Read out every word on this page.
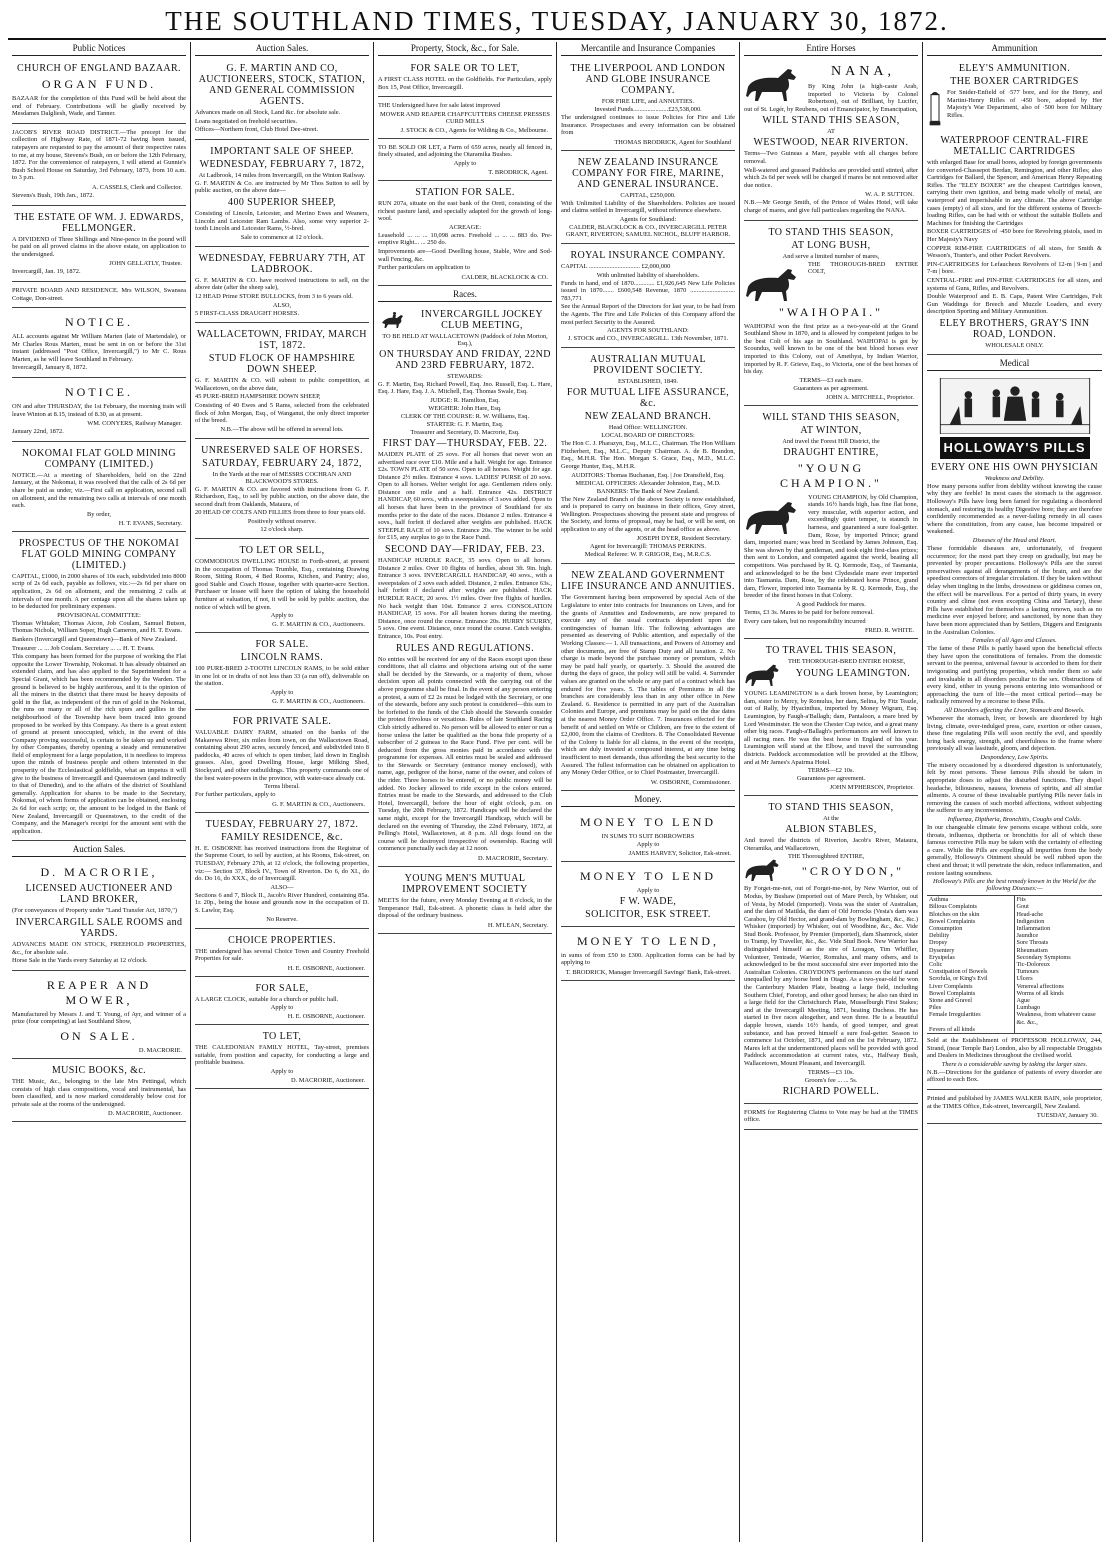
THE SOUTHLAND TIMES, TUESDAY, JANUARY 30, 1872.
Public Notices
CHURCH OF ENGLAND BAZAAR.
ORGAN FUND.
BAZAAR for the completion of this Fund will be held about the end of February. Contributions will be gladly received by Mesdames Dalgliesh, Wade, and Tanner.
JACOB'S RIVER ROAD DISTRICT.—The precept for the collection of Highway Rate, of 1871-72 having been issued, ratepayers are requested to pay the amount of their respective rates to me, at my house, Stevens's Bush, on or before the 12th February, 1872. For the convenience of ratepayers, I will attend at Gunnie's Bush School House on Saturday, 3rd February, 1873, from 10 a.m. to 3 p.m.
A. CASSELS, Clerk and Collector.
Stevens's Bush, 19th Jan., 1872.
THE ESTATE OF WM. J. EDWARDS, FELLMONGER.
A DIVIDEND of Three Shillings and Nine-pence in the pound will be paid on all proved claims in the above estate, on application to the undersigned.
JOHN GELLATLY, Trustee.
Invercargill, Jan. 19, 1872.
PRIVATE BOARD AND RESIDENCE. Mrs WILSON, Swansea Cottage, Don-street.
NOTICE.
ALL accounts against Mr William Marten (late of Martendale), or Mr Charles Rous Marten, must be sent in on or before the 31st instant (addressed "Post Office, Invercargill,") to Mr C. Rous Marten, as he will leave Southland in February.
Invercargill, January 8, 1872.
NOTICE.
ON and after THURSDAY, the 1st February, the morning train will leave Winton at 8.15, instead of 8.30, as at present.
WM. CONYERS, Railway Manager.
January 22nd, 1872.
NOKOMAI FLAT GOLD MINING COMPANY (LIMITED.)
NOTICE.—At a meeting of Shareholders, held on the 22nd January, at the Nokomai, it was resolved that the calls of 2s 6d per share be paid as under, viz.—First call on application, second call on allotment, and the remaining two calls at intervals of one month each.
By order,
H. T. EVANS, Secretary.
PROSPECTUS OF THE NOKOMAI FLAT GOLD MINING COMPANY (LIMITED.)
CAPITAL, £1000, in 2000 shares of 10s each, subdivided into 8000 scrip of 2s 6d each, payable as follows, viz.:—2s 6d per share on application, 2s 6d on allotment, and the remaining 2 calls at intervals of one month. A per centage upon all the shares taken up to be deducted for preliminary expenses.
PROVISIONAL COMMITTEE:
Thomas Whitaker, Thomas Aicon, Job Coulam, Samuel Butson, Thomas Nichols, William Soper, Hugh Cameron, and H. T. Evans.
Bankers (Invercargill and Queenstown)—Bank of New Zealand.
Treasurer ... ... Job Coulam. Secretary ... ... H. T. Evans.
This company has been formed for the purpose of working the Flat opposite the Lower Township, Nokomai. It has already obtained an extended claim, and has also applied to the Superintendent for a Special Grant, which has been recommended by the Warden. The ground is believed to be highly auriferous, and it is the opinion of all the miners in the district that there must be heavy deposits of gold in the flat, as independent of the run of gold in the Nokomai, the runs on many or all of the rich spurs and gullies in the neighbourhood of the Township have been traced into ground proposed to be worked by this Company. As there is a great extent of ground at present unoccupied, which, in the event of this Company proving successful, is certain to be taken up and worked by other Companies, thereby opening a steady and remunerative field of employment for a large population, it is needless to impress upon the minds of business people and others interested in the prosperity of the Ecclesiastical goldfields, what an impetus it will give to the business of Invercargill and Queenstown (and indirectly to that of Dunedin), and to the affairs of the district of Southland generally. Application for shares to be made to the Secretary, Nokomai, of whom forms of application can be obtained, enclosing 2s 6d for each scrip; or, the amount to be lodged in the Bank of New Zealand, Invercargill or Queenstown, to the credit of the Company, and the Manager's receipt for the amount sent with the application.
Auction Sales.
D. MACRORIE,
LICENSED AUCTIONEER AND LAND BROKER,
(For conveyances of Property under "Land Transfer Act, 1870,")
INVERCARGILL SALE ROOMS and YARDS.
ADVANCES MADE ON STOCK, FREEHOLD PROPERTIES, &c., for absolute sale.
Horse Sale in the Yards every Saturday at 12 o'clock.
REAPER AND MOWER,
Manufactured by Messrs J. and T. Young, of Ayr, and winner of a prize (four competing) at last Southland Show,
ON SALE.
D. MACRORIE.
MUSIC BOOKS, &c.
THE Music, &c., belonging to the late Mrs Pettingal, which consists of high class compositions, vocal and instrumental, has been classified, and is now marked considerably below cost for private sale at the rooms of the undersigned.
D. MACRORIE, Auctioneer.
Auction Sales.
G. F. MARTIN AND CO, AUCTIONEERS, STOCK, STATION, AND GENERAL COMMISSION AGENTS.
Advances made on all Stock, Land &c. for absolute sale.
Loans negotiated on freehold securities.
Offices—Northern front, Club Hotel Dee-street.
IMPORTANT SALE OF SHEEP.
WEDNESDAY, FEBRUARY 7, 1872,
At Ladbrook, 14 miles from Invercargill, on the Winton Railway.
G. F. MARTIN & Co. are instructed by Mr Thos Sutton to sell by public auction, on the above date—
400 SUPERIOR SHEEP,
Consisting of Lincoln, Leicester, and Merino Ewes and Weaners, Lincoln and Leicester Ram Lambs. Also, some very superior 2-tooth Lincoln and Leicester Rams, ½-bred.
Sale to commence at 12 o'clock.
WEDNESDAY, FEBRUARY 7TH, AT LADBROOK.
G. F. MARTIN & CO. have received instructions to sell, on the above date (after the sheep sale),
12 HEAD Prime STORE BULLOCKS, from 3 to 6 years old.
ALSO,
5 FIRST-CLASS DRAUGHT HORSES.
WALLACETOWN, FRIDAY, MARCH 1ST, 1872.
STUD FLOCK OF HAMPSHIRE DOWN SHEEP.
G. F. MARTIN & CO. will submit to public competition, at Wallacetown, on the above date,
45 PURE-BRED HAMPSHIRE DOWN SHEEP,
Consisting of 40 Ewes and 5 Rams, selected from the celebrated flock of John Morgan, Esq., of Wanganui, the only direct importer of the breed.
N.B.—The above will be offered in several lots.
UNRESERVED SALE OF HORSES.
SATURDAY, FEBRUARY 24, 1872,
In the Yards at the rear of MESSRS COCHRAN AND BLACKWOOD'S STORES.
G. F. MARTIN & CO. are favored with instructions from G. F. Richardson, Esq., to sell by public auction, on the above date, the second draft from Oaklands, Mataura, of
20 HEAD OF COLTS AND FILLIES from three to four years old.
Positively without reserve.
12 o'clock sharp.
TO LET OR SELL,
COMMODIOUS DWELLING HOUSE in Forth-street, at present in the occupation of Thomas Trumble, Esq., containing Drawing Room, Sitting Room, 4 Bed Rooms, Kitchen, and Pantry; also, good Stable and Coach House, together with quarter-acre Section. Purchaser or lessee will have the option of taking the household furniture at valuation, if not, it will be sold by public auction, due notice of which will be given.
Apply to
G. F. MARTIN & CO., Auctioneers.
FOR SALE.
LINCOLN RAMS.
100 PURE-BRED 2-TOOTH LINCOLN RAMS, to be sold either in one lot or in drafts of not less than 33 (a run off), deliverable on the station.
Apply to
G. F. MARTIN & CO., Auctioneers.
FOR PRIVATE SALE.
VALUABLE DAIRY FARM, situated on the banks of the Makarewa River, six miles from town, on the Wallacetown Road, containing about 290 acres, securely fenced, and subdivided into 8 paddocks, 40 acres of which is open timber, laid down in English grasses. Also, good Dwelling House, large Milking Shed, Stockyard, and other outbuildings. This property commands one of the best water-powers in the province, with water-race already cut.
Terms liberal.
For further particulars, apply to
G. F. MARTIN & CO., Auctioneers.
TUESDAY, FEBRUARY 27, 1872.
FAMILY RESIDENCE, &c.
H. E. OSBORNE has received instructions from the Registrar of the Supreme Court, to sell by auction, at his Rooms, Esk-street, on TUESDAY, February 27th, at 12 o'clock, the following properties, viz:— Section 37, Block IV., Town of Riverton. Do 6, do XI., do do. Do 16, do XXX., do of Invercargill.
ALSO—
Sections 6 and 7, Block II., Jacob's River Hundred, containing 85a. 1r. 20p., being the house and grounds now in the occupation of D. S. Lawlor, Esq.
No Reserve.
CHOICE PROPERTIES.
THE undersigned has several Choice Town and Country Freehold Properties for sale.
H. E. OSBORNE, Auctioneer.
FOR SALE,
A LARGE CLOCK, suitable for a church or public hall.
Apply to
H. E. OSBORNE, Auctioneer.
TO LET,
THE CALEDONIAN FAMILY HOTEL, Tay-street, premises suitable, from position and capacity, for conducting a large and profitable business.
Apply to
D. MACRORIE, Auctioneer.
Property, Stock, &c., for Sale.
FOR SALE OR TO LET,
A FIRST CLASS HOTEL on the Goldfields. For Particulars, apply Box 15, Post Office, Invercargill.
THE Undersigned have for sale latest improved
MOWER AND REAPER CHAFFCUTTERS CHEESE PRESSES CURD MILLS
J. STOCK & CO., Agents for Wilding & Co., Melbourne.
TO BE SOLD OR LET, a Farm of 659 acres, nearly all fenced in, finely situated, and adjoining the Otaramika Bushes.
Apply to
T. BRODRICK, Agent.
STATION FOR SALE.
RUN 207a, situate on the east bank of the Oreti, consisting of the richest pasture land, and specially adapted for the growth of long-wool.
ACREAGE:
Leasehold ... ... ... 10,098 acres. Freehold ... ... ... 883 do. Pre-emptive Right... ... 250 do.
Improvements are—Good Dwelling house, Stable, Wire and Sod-wall Fencing, &c.
Further particulars on application to
CALDER, BLACKLOCK & CO.
Races.
INVERCARGILL JOCKEY CLUB MEETING,
TO BE HELD AT WALLACETOWN (Paddock of John Morton, Esq.),
ON THURSDAY AND FRIDAY, 22ND AND 23RD FEBRUARY, 1872.
STEWARDS:
G. F. Martin, Esq. Richard Powell, Esq. Jno. Russell, Esq. L. Hare, Esq. J. Hare, Esq. J. A. Mitchell, Esq. Thomas Swale, Esq.
JUDGE: R. Hamilton, Esq.
WEIGHER: John Hare, Esq.
CLERK OF THE COURSE: R. W. Williams, Esq.
STARTER: G. F. Martin, Esq.
Treasurer and Secretary, D. Macrorie, Esq.
FIRST DAY—THURSDAY, FEB. 22.
MAIDEN PLATE of 25 sovs. For all horses that never won an advertised race over £10. Mile and a half. Weight for age. Entrance £2s. TOWN PLATE of 50 sovs. Open to all horses. Weight for age. Distance 2½ miles. Entrance 4 sovs. LADIES' PURSE of 20 sovs. Open to all horses. Welter weight for age. Gentlemen riders only. Distance one mile and a half. Entrance 42s. DISTRICT HANDICAP, 60 sovs., with a sweepstakes of 3 sovs added. Open to all horses that have been in the province of Southland for six months prior to the date of the races. Distance 2 miles. Entrance 4 sovs., half forfeit if declared after weights are published. HACK STEEPLE RACE of 10 sovs. Entrance 20s. The winner to be sold for £15, any surplus to go to the Race Fund.
SECOND DAY—FRIDAY, FEB. 23.
HANDICAP HURDLE RACE, 35 sovs. Open to all horses. Distance 2 miles. Over 10 flights of hurdles, about 3ft. 9in. high. Entrance 3 sovs. INVERCARGILL HANDICAP, 40 sovs., with a sweepstakes of 2 sovs each added. Distance, 2 miles. Entrance 63s., half forfeit if declared after weights are published. HACK HURDLE RACE, 20 sovs. 1½ miles. Over five flights of hurdles. No hack weight than 10st. Entrance 2 sovs. CONSOLATION HANDICAP, 15 sovs. For all beaten horses during the meeting. Distance, once round the course. Entrance 20s. HURRY SCURRY, 5 sovs. One event. Distance, once round the course. Catch weights. Entrance, 10s. Post entry.
RULES AND REGULATIONS.
No entries will be received for any of the Races except upon these conditions, that all claims and objections arising out of the same shall be decided by the Stewards, or a majority of them, whose decision upon all points connected with the carrying out of the above programme shall be final. In the event of any person entering a protest, a sum of £2 2s must be lodged with the Secretary, or one of the stewards, before any such protest is considered—this sum to be forfeited to the funds of the Club should the Stewards consider the protest frivolous or vexatious. Rules of late Southland Racing Club strictly adhered to. No person will be allowed to enter or run a horse unless the latter be qualified as the bona fide property of a subscriber of 2 guineas to the Race Fund. Five per cent. will be deducted from the gross monies paid in accordance with the programme for expenses. All entries must be sealed and addressed to the Stewards or Secretary (entrance money enclosed), with name, age, pedigree of the horse, name of the owner, and colors of the rider. Three horses to be entered, or no public money will be added. No Jockey allowed to ride except in the colors entered. Entries must be made to the Stewards, and addressed to the Club Hotel, Invercargill, before the hour of eight o'clock, p.m. on Tuesday, the 20th February, 1872. Handicaps will be declared the same night, except for the Invercargill Handicap, which will be declared on the evening of Thursday, the 22nd February, 1872, at Pelling's Hotel, Wallacetown, at 8 p.m. All dogs found on the course will be destroyed irrespective of ownership. Racing will commence punctually each day at 12 noon.
D. MACRORIE, Secretary.
YOUNG MEN'S MUTUAL IMPROVEMENT SOCIETY
MEETS for the future, every Monday Evening at 8 o'clock, in the Temperance Hall, Esk-street. A phonetic class is held after the disposal of the ordinary business.
H. M'LEAN, Secretary.
Mercantile and Insurance Companies
THE LIVERPOOL AND LONDON AND GLOBE INSURANCE COMPANY.
FOR FIRE LIFE, and ANNUITIES.
Invested Funds......................£23,538,000.
The undersigned continues to issue Policies for Fire and Life Insurance. Prospectuses and every information can be obtained from
THOMAS BRODRICK, Agent for Southland
NEW ZEALAND INSURANCE COMPANY FOR FIRE, MARINE, AND GENERAL INSURANCE.
CAPITAL, £250,000.
With Unlimited Liability of the Shareholders. Policies are issued and claims settled in Invercargill, without reference elsewhere.
Agents for Southland:
CALDER, BLACKLOCK & CO., INVERCARGILL PETER GRANT, RIVERTON; SAMUEL NICHOL, BLUFF HARBOR.
ROYAL INSURANCE COMPANY.
CAPITAL ................................ £2,000,000
With unlimited liability of shareholders.
Funds in hand, end of 1870............. £1,926,645 New Life Policies issued in 1870....... £600,548 Revenue, 1870 ............................ 783,771
See the Annual Report of the Directors for last year, to be had from the Agents. The Fire and Life Policies of this Company afford the most perfect Security to the Assured.
AGENTS FOR SOUTHLAND:
J. STOCK and CO., INVERCARGILL. 13th November, 1871.
AUSTRALIAN MUTUAL PROVIDENT SOCIETY.
ESTABLISHED, 1849.
FOR MUTUAL LIFE ASSURANCE, &c.
NEW ZEALAND BRANCH.
Head Office: WELLINGTON.
LOCAL BOARD OF DIRECTORS:
The Hon C. J. Pharazyn, Esq., M.L.C., Chairman. The Hon William Fitzherbert, Esq., M.L.C., Deputy Chairman. A. de B. Brandon, Esq., M.H.R. The Hon. Morgan S. Grace, Esq., M.D., M.L.C. George Hunter, Esq., M.H.R.
AUDITORS: Thomas Buchanan, Esq. | Joe Dransfield, Esq.
MEDICAL OFFICERS: Alexander Johnston, Esq., M.D.
BANKERS: The Bank of New Zealand.
The New Zealand Branch of the above Society is now established, and is prepared to carry on business in their offices, Grey street, Wellington. Prospectuses showing the present state and progress of the Society, and forms of proposal, may be had, or will be sent, on application to any of the agents, or at the head office as above.
JOSEPH DYER, Resident Secretary.
Agent for Invercargill: THOMAS PERKINS.
Medical Referee: W. P. GRIGOR, Esq., M.R.C.S.
NEW ZEALAND GOVERNMENT LIFE INSURANCE AND ANNUITIES.
The Government having been empowered by special Acts of the Legislature to enter into contracts for Insurances on Lives, and for the grants of Annuities and Endowments, are now prepared to execute any of the usual contracts dependent upon the contingencies of human life. The following advantages are presented as deserving of Public attention, and especially of the Working Classes:— 1. All transactions, and Powers of Attorney and other documents, are free of Stamp Duty and all taxation. 2. No charge is made beyond the purchase money or premium, which may be paid half yearly, or quarterly. 3. Should the assured die during the days of grace, the policy will still be valid. 4. Surrender values are granted on the whole or any part of a contract which has endured for five years. 5. The tables of Premiums in all the branches are considerably less than in any other office in New Zealand. 6. Residence is permitted in any part of the Australian Colonies and Europe, and premiums may be paid on the due dates at the nearest Money Order Office. 7. Insurances effected for the benefit of and settled on Wife or Children, are free to the extent of £2,000, from the claims of Creditors. 8. The Consolidated Revenue of the Colony is liable for all claims, in the event of the receipts, which are duly invested at compound interest, at any time being insufficient to meet demands, thus affording the best security to the Assured. The fullest information can be obtained on application to any Money Order Office, or to Chief Postmaster, Invercargill.
W. OSBORNE, Commissioner.
Money.
MONEY TO LEND
IN SUMS TO SUIT BORROWERS
Apply to
JAMES HARVEY, Solicitor, Esk-street.
MONEY TO LEND
Apply to
F W. WADE,
SOLICITOR, ESK STREET.
MONEY TO LEND,
in sums of from £50 to £300. Application forms can be had by applying to
T. BRODRICK, Manager Invercargill Savings' Bank, Esk-street.
Entire Horses
NANA,
By King John (a high-caste Arab, imported to Victoria by Colonel Robertson), out of Brilliant, by Lucifer, out of St. Legér, by Reubens, out of Emancipator, by Emancipation,
WILL STAND THIS SEASON,
AT
WESTWOOD, NEAR RIVERTON.
Terms—Two Guineas a Mare, payable with all charges before removal.
Well-watered and grassed Paddocks are provided until stinted, after which 2s 6d per week will be charged if mares be not removed after due notice.
W. A. P. SUTTON.
N.B.—Mr George Smith, of the Prince of Wales Hotel, will take charge of mares, and give full particulars regarding the NANA.
TO STAND THIS SEASON,
AT LONG BUSH,
And serve a limited number of mares,
THE THOROUGH-BRED ENTIRE COLT,
"WAIHOPAI."
WAIHOPAI won the first prize as a two-year-old at the Grand Southland Show in 1870, and is allowed by competent judges to be the best Colt of his age in Southland. WAIHOPAI is got by Scoundus, well known to be one of the best blood horses ever imported to this Colony, out of Amethyst, by Indian Warrior, imported by R. F. Grieve, Esq., to Victoria, one of the best horses of his day.
TERMS—£3 each mare.
Guarantees as per agreement.
JOHN A. MITCHELL, Proprietor.
WILL STAND THIS SEASON,
AT WINTON,
And travel the Forest Hill District, the
DRAUGHT ENTIRE,
"YOUNG CHAMPION."
YOUNG CHAMPION, by Old Champion, stands 16½ hands high, has fine flat bone, very muscular, with superior action, and exceedingly quiet temper, is staunch in harness, and guaranteed a sure foal-getter. Dam, Rose, by imported Prince; grand dam, imported mare; was bred in Scotland by James Johnson, Esq. She was shown by that gentleman, and took eight first-class prizes; then sent to London, and competed against the world, beating all competitors. Was purchased by R. Q. Kermode, Esq., of Tasmania, and acknowledged to be the best Clydesdale mare ever imported into Tasmania. Dam, Rose, by the celebrated horse Prince, grand dam, Flower, imported into Tasmania by R. Q. Kermode, Esq., the breeder of the finest horses in that Colony.
A good Paddock for mares.
Terms, £3 3s. Mares to be paid for before removal.
Every care taken, but no responsibility incurred
FRED. R. WHITE.
TO TRAVEL THIS SEASON,
THE THOROUGH-BRED ENTIRE HORSE,
YOUNG LEAMINGTON.
YOUNG LEAMINGTON is a dark brown horse, by Leamington; dam, sister to Mercy, by Romulus, her dam, Selina, by Fitz Teazle, out of Rally, by Hyacinthus, imported by Money Wigram, Esq. Leamington, by Faugh-a'Ballagh; dam, Pantaloon, a mare bred by Lord Westminster. He won the Chester Cup twice, and a great many other big races. Faugh-a'Ballagh's performances are well known to all racing men. He was the best horse in England of his year. Leamington will stand at the Elbow, and travel the surrounding districts. Paddock accommodation will be provided at the Elbow, and at Mr James's Apairma Hotel.
TERMS—£2 10s.
Guarantees per agreement.
JOHN M'PHERSON, Proprietor.
TO STAND THIS SEASON,
At the
ALBION STABLES,
And travel the districts of Riverton, Jacob's River, Mataura, Oteramika, and Wallacetown,
THE Thoroughbred ENTIRE,
"CROYDON,"
By Forget-me-not, out of Forget-me-not, by New Warrior, out of Modus, by Bushaw (imported out of Mare Perch, by Whisker, out of Vesta, by Model (imported). Vesta was the sister of Australian, and the dam of Matilda, the dam of Old Jorrocks (Vesta's dam was Carabou, by Old Hector, and grand-dam by Bowlingham, &c., &c.) Whisker (imported) by Whisker, out of Woodbine, &c., &c. Vide Stud Book. Professor, by Premier (imported), dam Shamrock, sister to Tramp, by Traveller, &c., &c. Vide Stud Book. New Warrior has distinguished himself as the sire of Loragon, Tim Whiffler, Volunteer, Tentrade, Warrior, Romulus, and many others, and is acknowledged to be the most successful sire ever imported into the Australian Colonies. CROYDON'S performances on the turf stand unequalled by any horse bred in Otago. As a two-year-old he won the Canterbury Maiden Plate, beating a large field, including Southern Chief, Foretop, and other good horses; he also ran third in a large field for the Christchurch Plate, Musselburgh First Stakes; and at the Invercargill Meeting, 1871, beating Duchess. He has started in five races altogether, and won three. He is a beautiful dapple brown, stands 16½ hands, of good temper, and great substance, and has proved himself a sure foal-getter. Season to commence 1st October, 1871, and end on the 1st February, 1872. Mares left at the undermentioned places will be provided with good Paddock accommodation at current rates, viz., Halfway Bush, Wallacetown, Mount Pleasant, and Invercargill.
TERMS—£3 10s.
Groom's fee ... ... 5s.
RICHARD POWELL.
FORMS for Registering Claims to Vote may be had at the TIMES office.
Ammunition
ELEY'S AMMUNITION.
THE BOXER CARTRIDGES
For Snider-Enfield of ·577 bore, and for the Henry, and Martini-Henry Rifles of ·450 bore, adopted by Her Majesty's War Department, also of ·500 bore for Military Rifles.
WATERPROOF CENTRAL-FIRE METALLIC CARTRIDGES
with enlarged Base for small bores, adopted by foreign governments for converted-Chassepot Berdan, Remington, and other Rifles; also Cartridges for Ballard, the Spencer, and American Henry Repeating Rifles. The "ELEY BOXER" are the cheapest Cartridges known, carrying their own ignition, and being made wholly of metal, are waterproof and imperishable in any climate. The above Cartridge cases (empty) of all sizes, and for the different systems of Breech-loading Rifles, can be had with or without the suitable Bullets and Machines for finishing the Cartridges
BOXER CARTRIDGES of ·450 bore for Revolving pistols, used in Her Majesty's Navy
COPPER RIM-FIRE CARTRIDGES of all sizes, for Smith & Wesson's, Tranter's, and other Pocket Revolvers.
PIN-CARTRIDGES for Lefaucheux Revolvers of 12-m | 9-m | and 7-m | bore.
CENTRAL-FIRE and PIN-FIRE CARTRIDGES for all sizes, and systems of Guns, Rifles, and Revolvers.
Double Waterproof and E. B. Caps, Patent Wire Cartridges, Felt Gun Waddings for Breech and Muzzle Loaders, and every description Sporting and Military Ammunition.
ELEY BROTHERS, GRAY'S INN ROAD, LONDON.
WHOLESALE ONLY.
Medical
HOLLOWAY'S PILLS
EVERY ONE HIS OWN PHYSICIAN
Weakness and Debility.
How many persons suffer from debility without knowing the cause why they are feeble! In most cases the stomach is the aggressor. Holloway's Pills have long been famed for regulating a disordered stomach, and restoring its healthy Digestive bore; they are therefore confidently recommended as a never-failing remedy in all cases where the constitution, from any cause, has become impaired or weakened.
Diseases of the Head and Heart.
These formidable diseases are, unfortunately, of frequent occurrence; for the most part they creep on gradually, but may be prevented by proper precautions. Holloway's Pills are the surest preservatives against all derangements of the brain, and are the speediest correctors of irregular circulation. If they be taken without delay when tingling in the limbs, drowsiness or giddiness comes on, the effect will be marvellous. For a period of thirty years, in every country and clime (not even excepting China and Tartary), these Pills have established for themselves a lasting renown, such as no medicine ever enjoyed before; and sanctioned, by none than they have been more appreciated than by Settlers, Diggers and Emigrants in the Australian Colonies.
Females of all Ages and Classes.
The fame of these Pills is partly based upon the beneficial effects they have upon the constitutions of females. From the domestic servant to the peeress, universal favour is accorded to them for their invigorating and purifying properties, which render them so safe and invaluable in all disorders peculiar to the sex. Obstructions of every kind, either in young persons entering into womanhood or approaching the turn of life—the most critical period—may be radically removed by a recourse to these Pills.
All Disorders affecting the Liver, Stomach and Bowels.
Whenever the stomach, liver, or bowels are disordered by high living, climate, over-indulged press, care, exertion or other causes, these fine regulating Pills will soon rectify the evil, and speedily bring back energy, strength, and cheerfulness to the frame where previously all was lassitude, gloom, and dejection.
Despondency, Low Spirits.
The misery occasioned by a disordered digestion is unfortunately, felt by most persons. These famous Pills should be taken in appropriate doses to adjust the disturbed functions. They dispel headache, biliousness, nausea, lowness of spirits, and all similar ailments. A course of these invaluable purifying Pills never fails in removing the causes of such morbid affections, without subjecting the sufferer to any inconvenience.
Influenza, Diptheria, Bronchitis, Coughs and Colds.
In our changeable climate few persons escape without colds, sore throats, influenza, diptheria or bronchitis for all of which these famous corrective Pills may be taken with the certainty of effecting a cure. While the Pills are expelling all impurities from the body generally, Holloway's Ointment should be well rubbed upon the chest and throat; it will penetrate the skin, reduce inflammation, and restore lasting soundness.
Holloway's Pills are the best remedy known in the World for the following Diseases:—
Asthma	Fits
Bilious Complaints	Gout
Blotches on the skin	Head-ache
Bowel Complaints	Indigestion
Consumption	Inflammation
Debility	Jaundice
Dropsy	Sore Throats
Dysentery	Rheumatism
Erysipelas	Secondary Symptoms
Colic	Tic-Doloreux
Constipation of Bowels	Tumours
Scrofula, or King's Evil	Ulcers
Liver Complaints	Venereal affections
Bowel Complaints	Worms of all kinds
Stone and Gravel	Ague
Piles	Lumbago
Female Irregularities	Weakness, from whatever cause &c. &c.,
Fevers of all kinds
Sold at the Establishment of PROFESSOR HOLLOWAY, 244, Strand, (near Temple Bar) London, also by all respectable Druggists and Dealers in Medicines throughout the civilised world.
There is a considerable saving by taking the larger sizes.
N.B.—Directions for the guidance of patients of every disorder are affixed to each Box.
Printed and published by JAMES WALKER BAIN, sole proprietor, at the TIMES Office, Esk-street, Invercargill, New Zealand.
TUESDAY, January 30.
